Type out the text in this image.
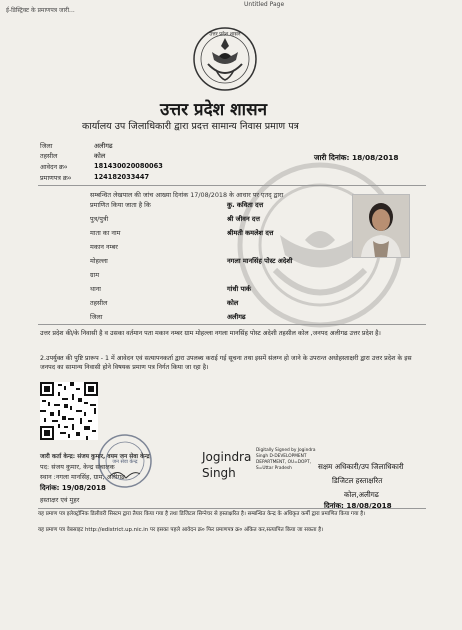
ई-डिस्ट्रिक्ट के प्रमाणपत्र जारी...
Untitled Page
उत्तर प्रदेश शासन
उत्तर प्रदेश शासन
कार्यालय उप जिलाधिकारी द्वारा प्रदत्त सामान्य निवास प्रमाण पत्र
जिला	अलीगढ
तहसील	कोल
आवेदन क्र०	181430020080063
प्रमाणपत्र क्र०	124182033447
जारी दिनांक: 18/08/2018
सम्बन्धित लेखपाल की जांच आख्या दिनांक 17/08/2018 के आधार पर एतद् द्वारा
प्रमाणित किया जाता है कि	कु. कविता दत्त
पुत्र/पुत्री	श्री जीवन दत्त
माता का नाम	श्रीमती कमलेश दत्त
मकान नम्बर
मोहल्ला	नगला मानसिंह पोस्ट अदेशी
ग्राम
थाना	गांधी पार्क
तहसील	कोल
जिला	अलीगढ
उत्तर प्रदेश की/के निवासी है व उसका वर्तमान पता मकान नम्बर ग्राम मोहल्ला नगला मानसिंह पोस्ट अदेशी तहसील कोल ,जनपद अलीगढ उत्तर प्रदेश है।
2.उपर्युक्त की पुष्टि प्रारूप - 1 में आवेदन एवं सत्यापनकर्ता द्वारा उपलब्ध कराई गई सूचना तथा इसमें संलग्न हो जाने के उपरान्त अधोहस्ताक्षरी द्वारा उत्तर प्रदेश के इस जनपद का सामान्य निवासी होने विषयक प्रमाण पत्र निर्गत किया जा रहा है।
जन सेवा केन्द्र
जारी कर्ता केन्द्र: संजय कुमार, वयम जन सेवा केन्द्र
पद: संजय कुमार, केन्द्र संचालक
स्थान :नगला मानसिंह, ग्राम, अलीगढ
दिनांक: 19/08/2018
हस्ताक्षर एवं मुहर
Jogindra
Singh
Digitally Signed by Jogindra
Singh D-DEVELOPMENT
DEPARTMENT, OU=DOPT,
S=Uttar Pradesh	सक्षम अधिकारी/उप जिलाधिकारी
डिजिटल हस्ताक्षरित
कोल,अलीगढ
दिनांक: 18/08/2018
यह प्रमाण पत्र इलेक्ट्रॉनिक डिलीवरी सिस्टम द्वारा तैयार किया गया है तथा डिजिटल सिग्नेचर से हस्ताक्षरित है। सम्बन्धित केन्द्र के अधिकृत कर्मी द्वारा प्रमाणित किया गया है।
यह प्रमाण पत्र वेबसाइट http://edistrict.up.nic.in पर इसका पहले आवेदन क्र० फिर प्रमाणपत्र क्र० अंकित कर,सत्यापित किया जा सकता है।
